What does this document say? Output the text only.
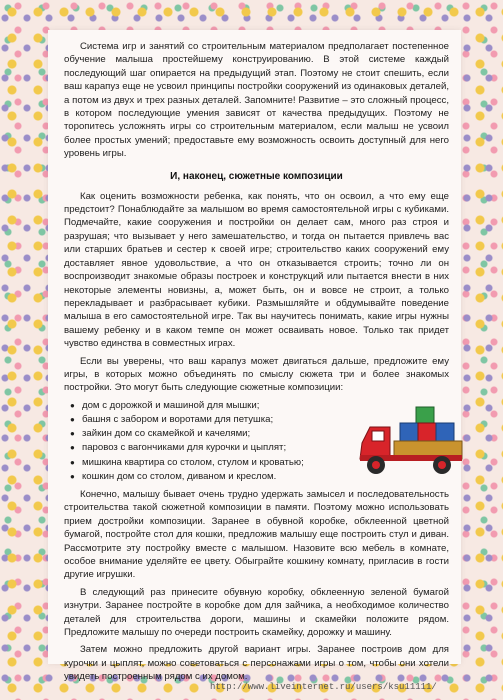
Система игр и занятий со строительным материалом предполагает постепенное обучение малыша простейшему конструированию. В этой системе каждый последующий шаг опирается на предыдущий этап. Поэтому не стоит спешить, если ваш карапуз еще не усвоил принципы постройки сооружений из одинаковых деталей, а потом из двух и трех разных деталей. Запомните! Развитие – это сложный процесс, в котором последующие умения зависят от качества предыдущих. Поэтому не торопитесь усложнять игры со строительным материалом, если малыш не усвоил более простых умений; предоставьте ему возможность освоить доступный для него уровень игры.

И, наконец, сюжетные композиции

Как оценить возможности ребенка, как понять, что он освоил, а что ему еще предстоит? Понаблюдайте за малышом во время самостоятельной игры с кубиками. Подмечайте, какие сооружения и постройки он делает сам, много раз строя и разрушая; что вызывает у него замешательство, и тогда он пытается привлечь вас или старших братьев и сестер к своей игре; строительство каких сооружений ему доставляет явное удовольствие, а что он отказывается строить; точно ли он воспроизводит знакомые образы построек и конструкций или пытается внести в них некоторые элементы новизны, а, может быть, он и вовсе не строит, а только перекладывает и разбрасывает кубики. Размышляйте и обдумывайте поведение малыша в его самостоятельной игре. Так вы научитесь понимать, какие игры нужны вашему ребенку и в каком темпе он может осваивать новое. Только так придет чувство единства в совместных играх.

Если вы уверены, что ваш карапуз может двигаться дальше, предложите ему игры, в которых можно объединять по смыслу сюжета три и более знакомых постройки. Это могут быть следующие сюжетные композиции:

● дом с дорожкой и машиной для мышки;
● башня с забором и воротами для петушка;
● зайкин дом со скамейкой и качелями;
● паровоз с вагончиками для курочки и цыплят;
● мишкина квартира со столом, стулом и кроватью;
● кошкин дом со столом, диваном и креслом.

Конечно, малышу бывает очень трудно удержать замысел и последовательность строительства такой сюжетной композиции в памяти. Поэтому можно использовать прием достройки композиции. Заранее в обувной коробке, обклеенной цветной бумагой, постройте стол для кошки, предложив малышу еще построить стул и диван. Рассмотрите эту постройку вместе с малышом. Назовите всю мебель в комнате, особое внимание уделяйте ее цвету. Обыграйте кошкину комнату, пригласив в гости другие игрушки.

В следующий раз принесите обувную коробку, обклеенную зеленой бумагой изнутри. Заранее постройте в коробке дом для зайчика, а необходимое количество деталей для строительства дороги, машины и скамейки положите рядом. Предложите малышу по очереди построить скамейку, дорожку и машину.

Затем можно предложить другой вариант игры. Заранее построив дом для курочки и цыплят, можно советоваться с персонажами игры о том, чтобы они хотели увидеть построенным рядом с их домом.

http://www.liveinternet.ru/users/ksu11111/
